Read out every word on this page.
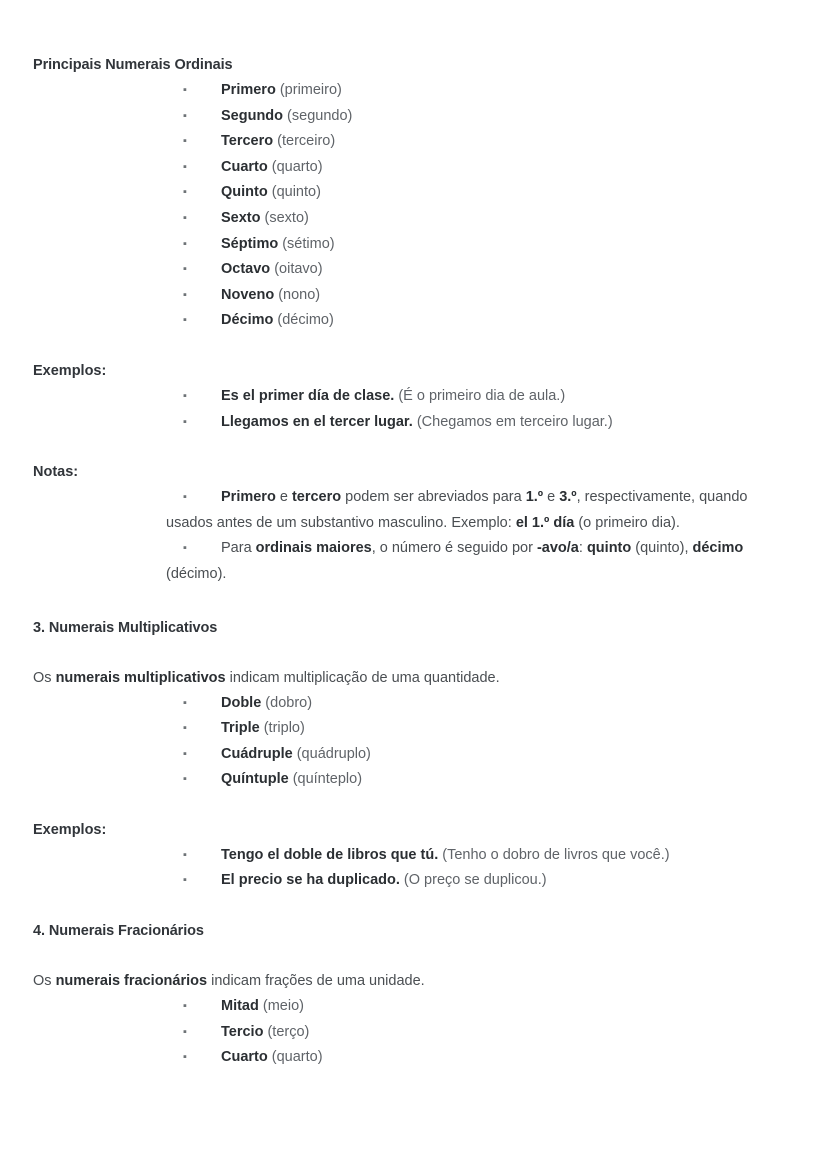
Principais Numerais Ordinais
▪ Primero (primeiro)
▪ Segundo (segundo)
▪ Tercero (terceiro)
▪ Cuarto (quarto)
▪ Quinto (quinto)
▪ Sexto (sexto)
▪ Séptimo (sétimo)
▪ Octavo (oitavo)
▪ Noveno (nono)
▪ Décimo (décimo)

Exemplos:

▪ Es el primer día de clase. (É o primeiro dia de aula.)
▪ Llegamos en el tercer lugar. (Chegamos em terceiro lugar.)

Notas:

▪ Primero e tercero podem ser abreviados para 1.º e 3.º, respectivamente, quando usados antes de um substantivo masculino. Exemplo: el 1.º día (o primeiro dia).
▪ Para ordinais maiores, o número é seguido por -avo/a: quinto (quinto), décimo (décimo).
3. Numerais Multiplicativos

Os numerais multiplicativos indicam multiplicação de uma quantidade.

▪ Doble (dobro)
▪ Triple (triplo)
▪ Cuádruple (quádruplo)
▪ Quíntuple (quínteplo)

Exemplos:

▪ Tengo el doble de libros que tú. (Tenho o dobro de livros que você.)
▪ El precio se ha duplicado. (O preço se duplicou.)
4. Numerais Fracionários

Os numerais fracionários indicam frações de uma unidade.

▪ Mitad (meio)
▪ Tercio (terço)
▪ Cuarto (quarto)
